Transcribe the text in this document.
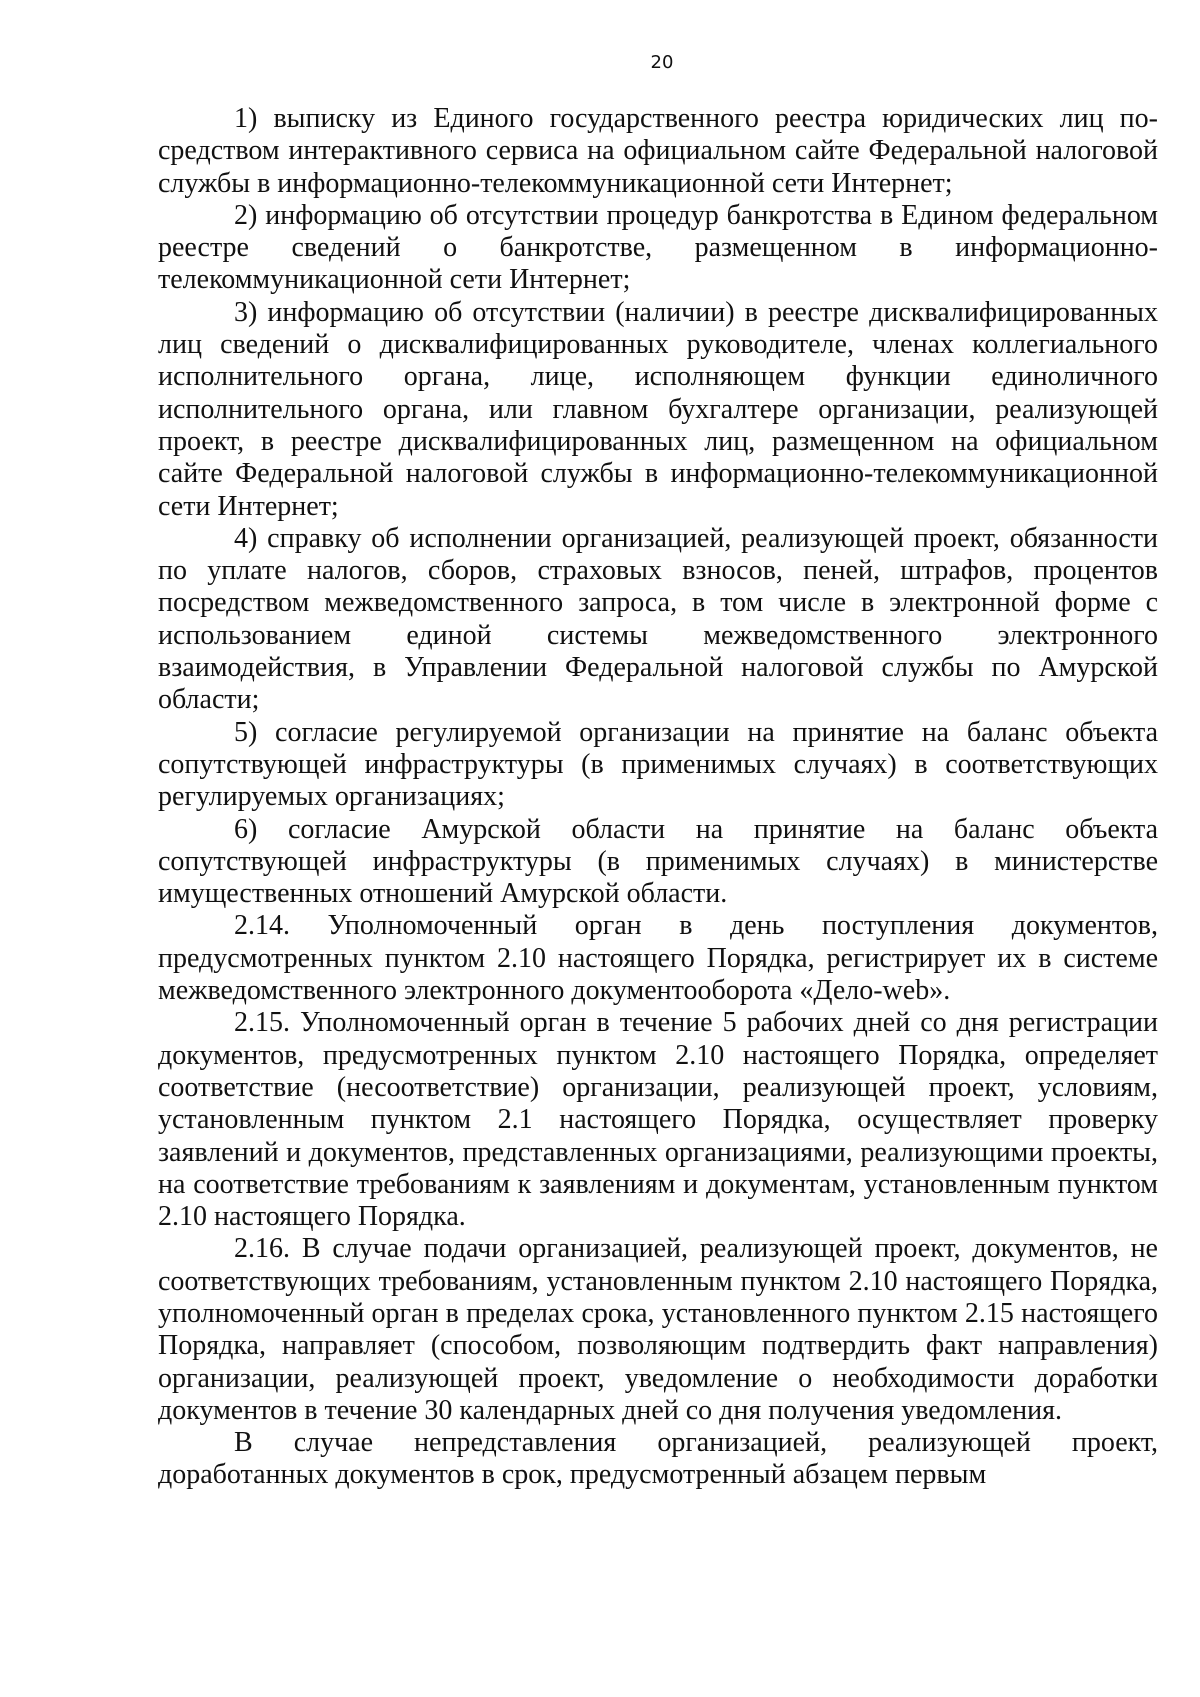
20

1) выписку из Единого государственного реестра юридических лиц посредством интерактивного сервиса на официальном сайте Федеральной налоговой службы в информационно-телекоммуникационной сети Интернет;

2) информацию об отсутствии процедур банкротства в Едином федеральном реестре сведений о банкротстве, размещенном в информационно-телекоммуникационной сети Интернет;

3) информацию об отсутствии (наличии) в реестре дисквалифицированных лиц сведений о дисквалифицированных руководителе, членах коллегиального исполнительного органа, лице, исполняющем функции единоличного исполнительного органа, или главном бухгалтере организации, реализующей проект, в реестре дисквалифицированных лиц, размещенном на официальном сайте Федеральной налоговой службы в информационно-телекоммуникационной сети Интернет;

4) справку об исполнении организацией, реализующей проект, обязанности по уплате налогов, сборов, страховых взносов, пеней, штрафов, процентов посредством межведомственного запроса, в том числе в электронной форме с использованием единой системы межведомственного электронного взаимодействия, в Управлении Федеральной налоговой службы по Амурской области;

5) согласие регулируемой организации на принятие на баланс объекта сопутствующей инфраструктуры (в применимых случаях) в соответствующих регулируемых организациях;

6) согласие Амурской области на принятие на баланс объекта сопутствующей инфраструктуры (в применимых случаях) в министерстве имущественных отношений Амурской области.

2.14. Уполномоченный орган в день поступления документов, предусмотренных пунктом 2.10 настоящего Порядка, регистрирует их в системе межведомственного электронного документооборота «Дело-web».

2.15. Уполномоченный орган в течение 5 рабочих дней со дня регистрации документов, предусмотренных пунктом 2.10 настоящего Порядка, определяет соответствие (несоответствие) организации, реализующей проект, условиям, установленным пунктом 2.1 настоящего Порядка, осуществляет проверку заявлений и документов, представленных организациями, реализующими проекты, на соответствие требованиям к заявлениям и документам, установленным пунктом 2.10 настоящего Порядка.

2.16. В случае подачи организацией, реализующей проект, документов, не соответствующих требованиям, установленным пунктом 2.10 настоящего Порядка, уполномоченный орган в пределах срока, установленного пунктом 2.15 настоящего Порядка, направляет (способом, позволяющим подтвердить факт направления) организации, реализующей проект, уведомление о необходимости доработки документов в течение 30 календарных дней со дня получения уведомления.

В случае непредставления организацией, реализующей проект, доработанных документов в срок, предусмотренный абзацем первым
